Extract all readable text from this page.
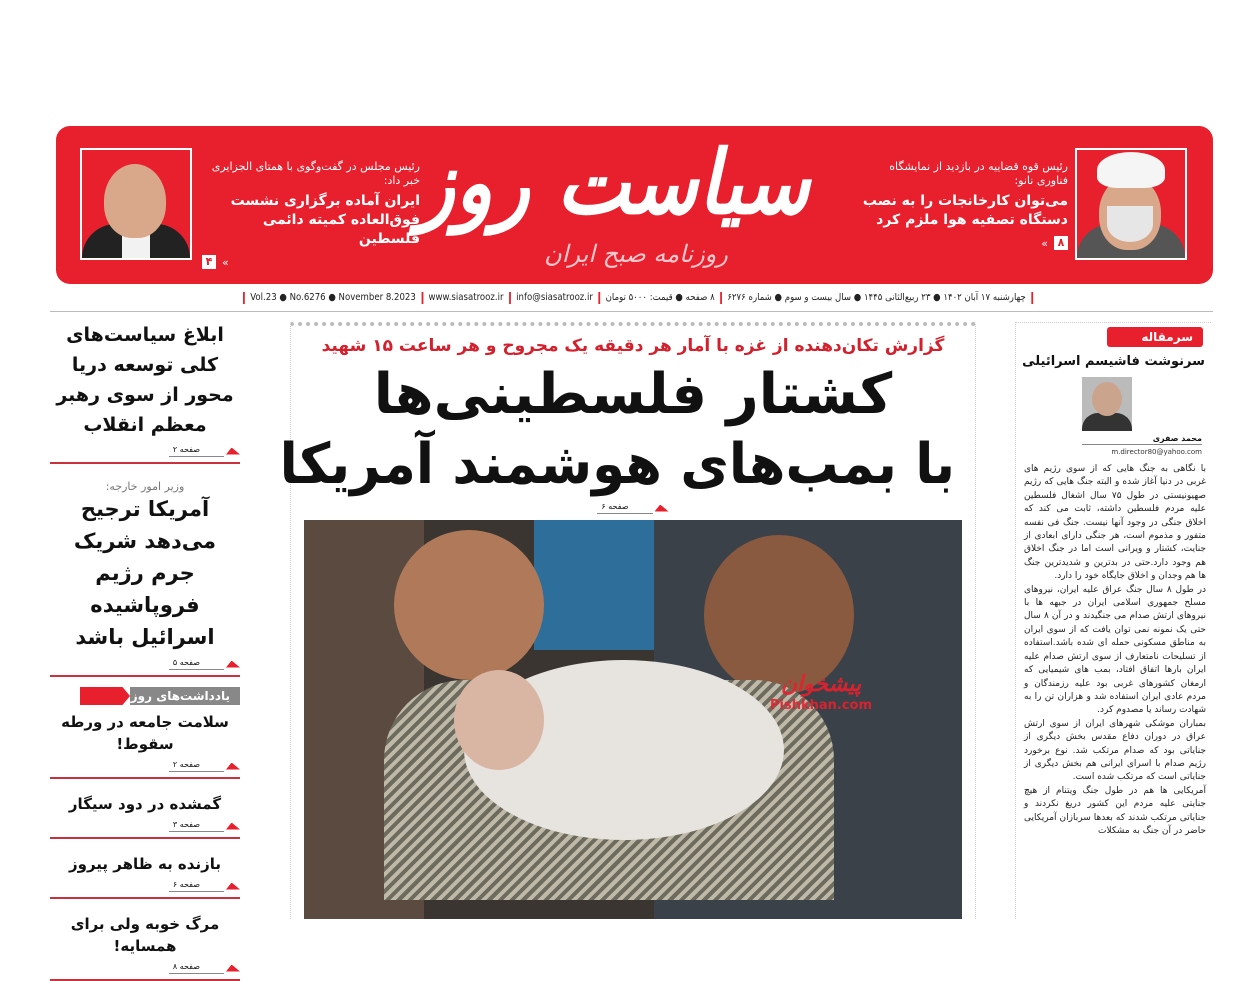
رئیس مجلس در گفت‌وگوی با همتای الجزایری خبر داد:
ایران آماده برگزاری نشست فوق‌العاده کمیته دائمی فلسطین
۴ «
سیاست روز
روزنامه صبح ایران
رئیس قوه قضاییه در بازدید از نمایشگاه فناوری نانو:
می‌توان کارخانجات را به نصب دستگاه تصفیه هوا ملزم کرد
۸
»
Vol.23 ● No.6276 ● November 8.2023 www.siasatrooz.ir info@siasatrooz.ir ۸ صفحه ● قیمت: ۵۰۰۰ تومان چهارشنبه ۱۷ آبان ۱۴۰۲ ● ۲۳ ربیع‌الثانی ۱۴۴۵ ● سال بیست و سوم ● شماره ۶۲۷۶
ابلاغ سیاست‌های کلی توسعه دریا محور از سوی رهبر معظم انقلاب
صفحه ۲
وزیر امور خارجه:
آمریکا ترجیح می‌دهد شریک جرم رژیم فروپاشیده اسرائیل باشد
صفحه ۵
یادداشت‌های روز
سلامت جامعه در ورطه سقوط!
صفحه ۲
گمشده در دود سیگار
صفحه ۳
بازنده به ظاهر پیروز
صفحه ۶
مرگ خوبه ولی برای همسایه!
صفحه ۸
گزارش تکان‌دهنده از غزه با آمار هر دقیقه یک مجروح و هر ساعت ۱۵ شهید
کشتار فلسطینی‌ها
با بمب‌های هوشمند آمریکا
صفحه ۶
پیشخوان
Pishkhan.com
سرمقاله
سرنوشت فاشیسم اسرائیلی
محمد صفری
m.director80@yahoo.com

با نگاهی به جنگ هایی که از سوی رژیم های غربی در دنیا آغاز شده و البته جنگ هایی که رژیم صهیونیستی در طول ۷۵ سال اشغال فلسطین علیه مردم فلسطین داشته، ثابت می کند که اخلاق جنگی در وجود آنها نیست. جنگ فی نفسه متفور و مذموم است، هر جنگی دارای ابعادی از جنایت، کشتار و ویرانی است اما در جنگ اخلاق هم وجود دارد.حتی در بدترین و شدیدترین جنگ ها هم وجدان و اخلاق جایگاه خود را دارد.

در طول ۸ سال جنگ عراق علیه ایران، نیروهای مسلح جمهوری اسلامی ایران در جبهه ها با نیروهای ارتش صدام می جنگیدند و در آن ۸ سال حتی یک نمونه نمی توان یافت که از سوی ایران به مناطق مسکونی حمله ای شده باشد.استفاده از تسلیحات نامتعارف از سوی ارتش صدام علیه ایران بارها اتفاق افتاد، بمب های شیمیایی که ارمغان کشورهای غربی بود علیه رزمندگان و مردم عادی ایران استفاده شد و هزاران تن را به شهادت رساند یا مصدوم کرد.

بمباران موشکی شهرهای ایران از سوی ارتش عراق در دوران دفاع مقدس بخش دیگری از جنایاتی بود که صدام مرتکب شد. نوع برخورد رژیم صدام با اسرای ایرانی هم بخش دیگری از جنایاتی است که مرتکب شده است.

آمریکایی ها هم در طول جنگ ویتنام از هیچ جنایتی علیه مردم این کشور دریغ نکردند و جنایاتی مرتکب شدند که بعدها سربازان آمریکایی حاضر در آن جنگ به مشکلات
